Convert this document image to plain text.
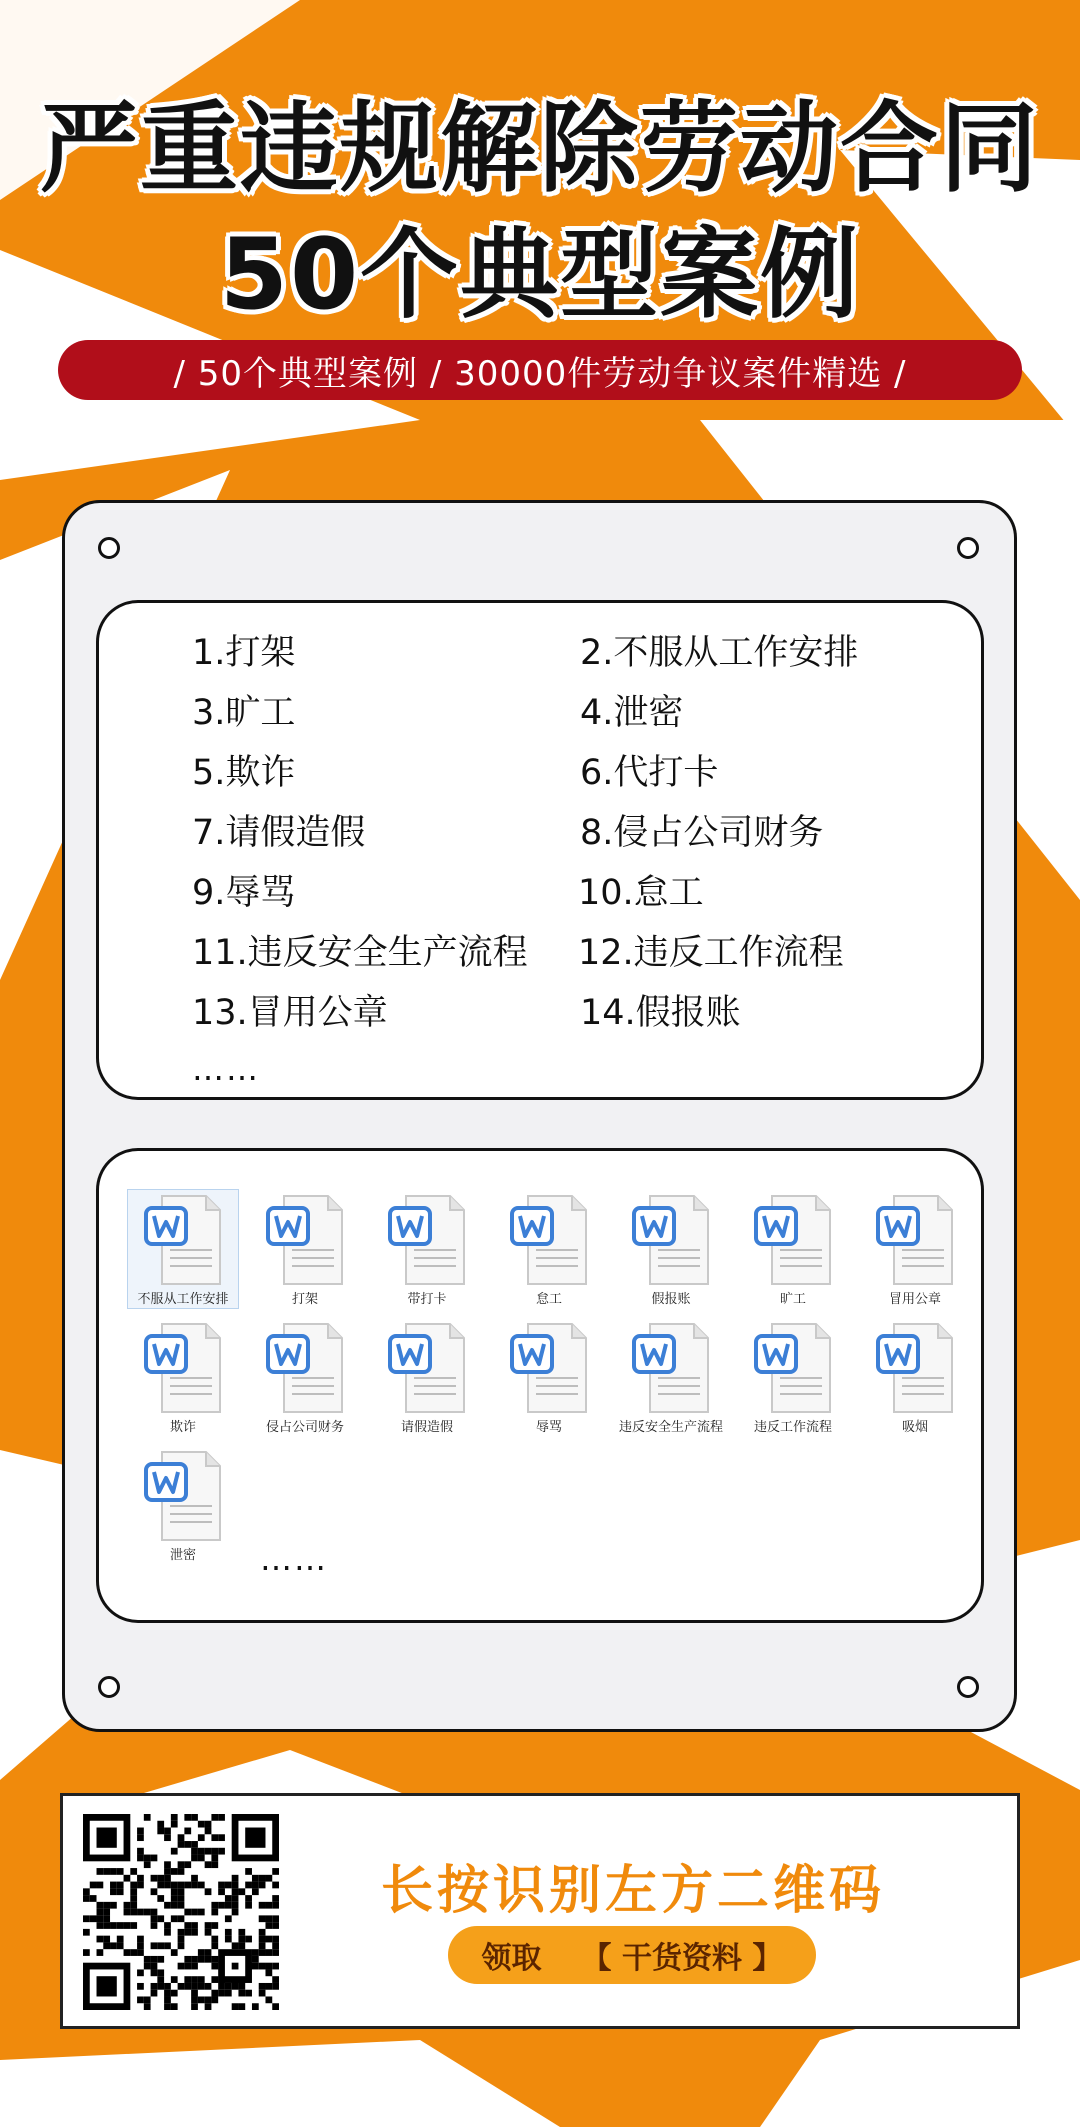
严重违规解除劳动合同
50个典型案例
/ 50个典型案例 / 30000件劳动争议案件精选 /
1.打架	2.不服从工作安排
3.旷工	4.泄密
5.欺诈	6.代打卡
7.请假造假	8.侵占公司财务
9.辱骂	10.怠工
11.违反安全生产流程 12.违反工作流程
13.冒用公章	14.假报账
……
不服从工作安排	打架	带打卡	怠工	假报账	旷工	冒用公章
欺诈	侵占公司财务	请假造假	辱骂	违反安全生产流程	违反工作流程	吸烟
泄密	……
长按识别左方二维码
领取 【 干货资料 】
